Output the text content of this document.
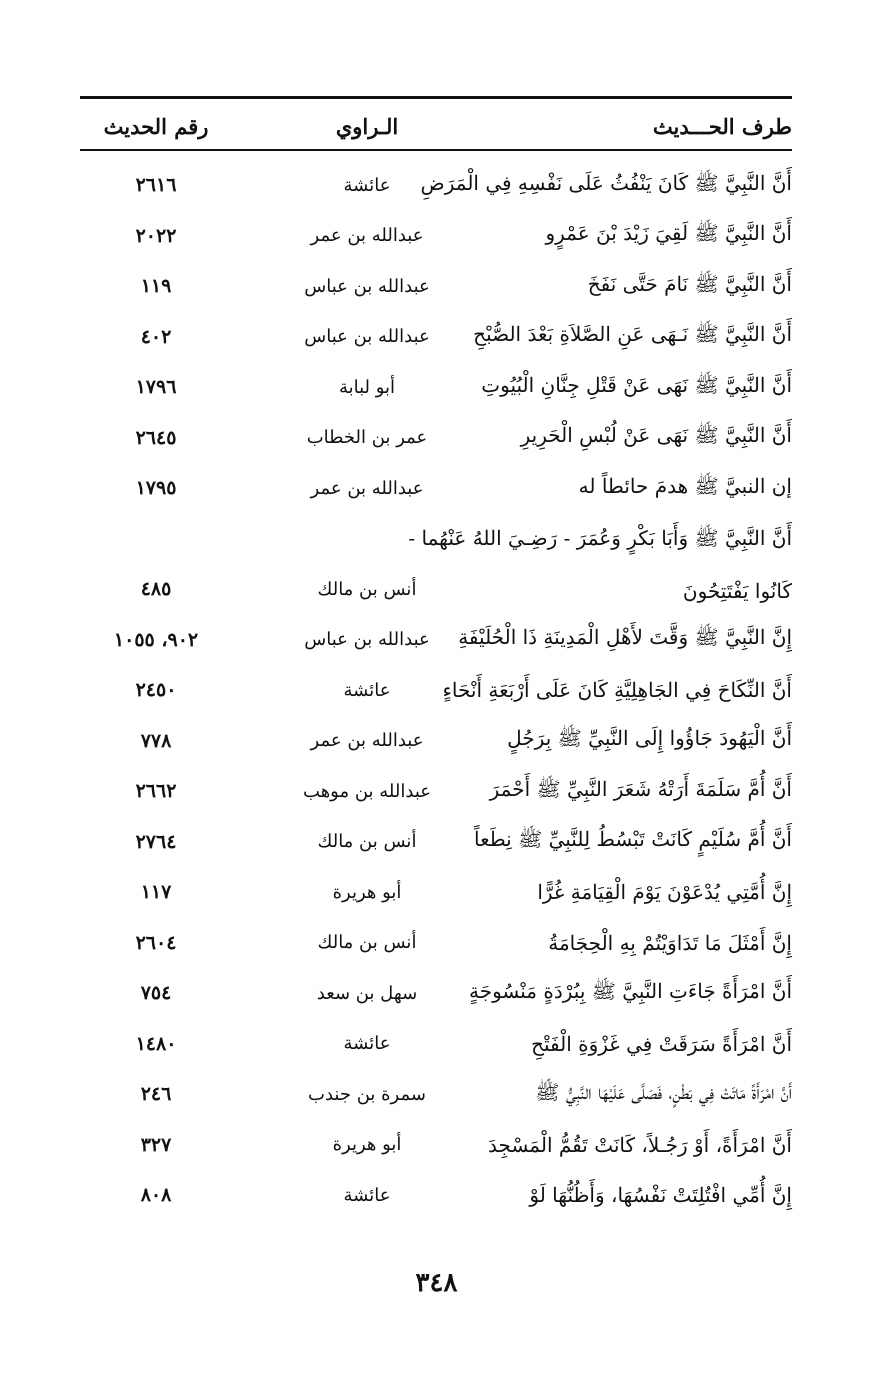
طرف الحـــديث
الـراوي
رقم الحديث
أَنَّ النَّبِيَّ ﷺ كَانَ يَنْفُثُ عَلَى نَفْسِهِ فِي الْمَرَضِ
عائشة
٢٦١٦
أَنَّ النَّبِيَّ ﷺ لَقِيَ زَيْدَ بْنَ عَمْرٍو
عبدالله بن عمر
٢٠٢٢
أَنَّ النَّبِيَّ ﷺ نَامَ حَتَّى نَفَخَ
عبدالله بن عباس
١١٩
أَنَّ النَّبِيَّ ﷺ نَـهَى عَنِ الصَّلاَةِ بَعْدَ الصُّبْحِ
عبدالله بن عباس
٤٠٢
أَنَّ النَّبِيَّ ﷺ نَهَى عَنْ قَتْلِ جِنَّانِ الْبُيُوتِ
أبو لبابة
١٧٩٦
أَنَّ النَّبِيَّ ﷺ نَهَى عَنْ لُبْسِ الْحَرِيرِ
عمر بن الخطاب
٢٦٤٥
إن النبيَّ ﷺ هدمَ حائطاً له
عبدالله بن عمر
١٧٩٥
أَنَّ النَّبِيَّ ﷺ وَأَبَا بَكْرٍ وَعُمَرَ - رَضِـيَ اللهُ عَنْهُما -
كَانُوا يَفْتَتِحُونَ
أنس بن مالك
٤٨٥
إِنَّ النَّبِيَّ ﷺ وَقَّتَ لأَهْلِ الْمَدِينَةِ ذَا الْحُلَيْفَةِ
عبدالله بن عباس
٩٠٢، ١٠٥٥
أَنَّ النِّكَاحَ فِي الجَاهِلِيَّةِ كَانَ عَلَى أَرْبَعَةِ أَنْحَاءٍ
عائشة
٢٤٥٠
أَنَّ الْيَهُودَ جَاؤُوا إِلَى النَّبِيِّ ﷺ بِرَجُلٍ
عبدالله بن عمر
٧٧٨
أَنَّ أُمَّ سَلَمَةَ أَرَتْهُ شَعَرَ النَّبِيِّ ﷺ أَحْمَرَ
عبدالله بن موهب
٢٦٦٢
أَنَّ أُمَّ سُلَيْمٍ كَانَتْ تَبْسُطُ لِلنَّبِيِّ ﷺ نِطَعاً
أنس بن مالك
٢٧٦٤
إِنَّ أُمَّتِي يُدْعَوْنَ يَوْمَ الْقِيَامَةِ غُرًّا
أبو هريرة
١١٧
إِنَّ أَمْثَلَ مَا تَدَاوَيْتُمْ بِهِ الْحِجَامَةُ
أنس بن مالك
٢٦٠٤
أَنَّ امْرَأَةً جَاءَتِ النَّبِيَّ ﷺ بِبُرْدَةٍ مَنْسُوجَةٍ
سهل بن سعد
٧٥٤
أَنَّ امْرَأَةً سَرَقَتْ فِي غَزْوَةِ الْفَتْحِ
عائشة
١٤٨٠
أَنَّ امْرَأَةً مَاتَتْ فِي بَطْنٍ، فَصَلَّى عَلَيْهَا النَّبِيُّ ﷺ
سمرة بن جندب
٢٤٦
أَنَّ امْرَأَةً، أَوْ رَجُـلاً، كَانَتْ تَقُمُّ الْمَسْجِدَ
أبو هريرة
٣٢٧
إِنَّ أُمِّي افْتُلِتَتْ نَفْسُهَا، وَأَظُنُّهَا لَوْ
عائشة
٨٠٨
٣٤٨
